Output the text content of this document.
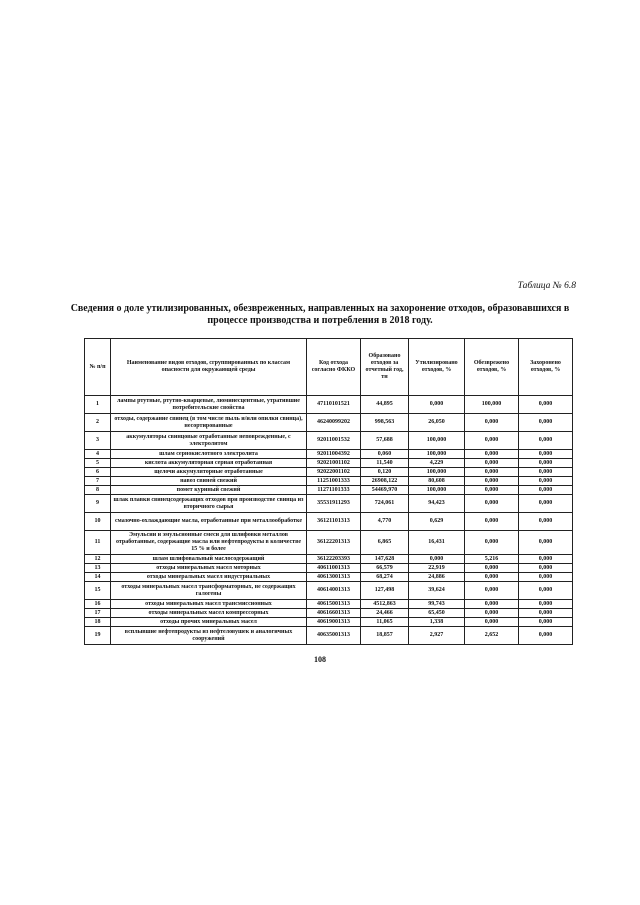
Таблица № 6.8
Сведения о доле утилизированных, обезвреженных, направленных на захоронение отходов, образовавшихся в процессе производства и потребления в 2018 году.
№ п/п	Наименование видов отходов, сгруппированных по классам опасности для окружающей среды	Код отхода согласно ФККО	Образовано отходов за отчетный год, тн	Утилизировано отходов, %	Обезврежено отходов, %	Захоронено отходов, %
1	лампы ртутные, ртутно-кварцевые, люминесцентные, утратившие потребительские свойства	47110101521	44,895	0,000	100,000	0,000
2	отходы, содержание свинец (в том числе пыль и/или опилки свинца), несортированные	46240099202	998,563	26,050	0,000	0,000
3	аккумуляторы свинцовые отработанные неповрежденные, с электролитом	92011001532	57,688	100,000	0,000	0,000
4	шлам сернокислотного электролита	92011004392	0,060	100,000	0,000	0,000
5	кислота аккумуляторная серная отработанная	92021001102	11,540	4,229	0,000	0,000
6	щелочи аккумуляторные отработанные	92022001102	0,120	100,000	0,000	0,000
7	навоз свиней свежий	11251001333	26908,122	80,608	0,000	0,000
8	помет куриный свежий	11271101333	54469,970	100,000	0,000	0,000
9	шлак плавки свинецсодержащих отходов при производстве свинца из вторичного сырья	35531911293	724,061	94,423	0,000	0,000
10	смазочно-охлаждающие масла, отработанные при металлообработке	36121101313	4,770	0,629	0,000	0,000
11	Эмульсии и эмульсионные смеси для шлифовки металлов отработанные, содержащие масла или нефтепродукты в количестве 15 % и более	36122201313	6,865	16,431	0,000	0,000
12	шлам шлифовальный маслосодержащий	36122203393	147,628	0,000	5,216	0,000
13	отходы минеральных масел моторных	40611001313	66,579	22,919	0,000	0,000
14	отходы минеральных масел индустриальных	40613001313	68,274	24,886	0,000	0,000
15	отходы минеральных масел трансформаторных, не содержащих галогены	40614001313	127,498	39,624	0,000	0,000
16	отходы минеральных масел трансмиссионных	40615001313	4512,863	99,743	0,000	0,000
17	отходы минеральных масел компрессорных	40616601313	24,466	65,450	0,000	0,000
18	отходы прочих минеральных масел	40619001313	11,065	1,338	0,000	0,000
19	всплывшие нефтепродукты из нефтеловушек и аналогичных сооружений	40635001313	18,857	2,927	2,652	0,000
108
